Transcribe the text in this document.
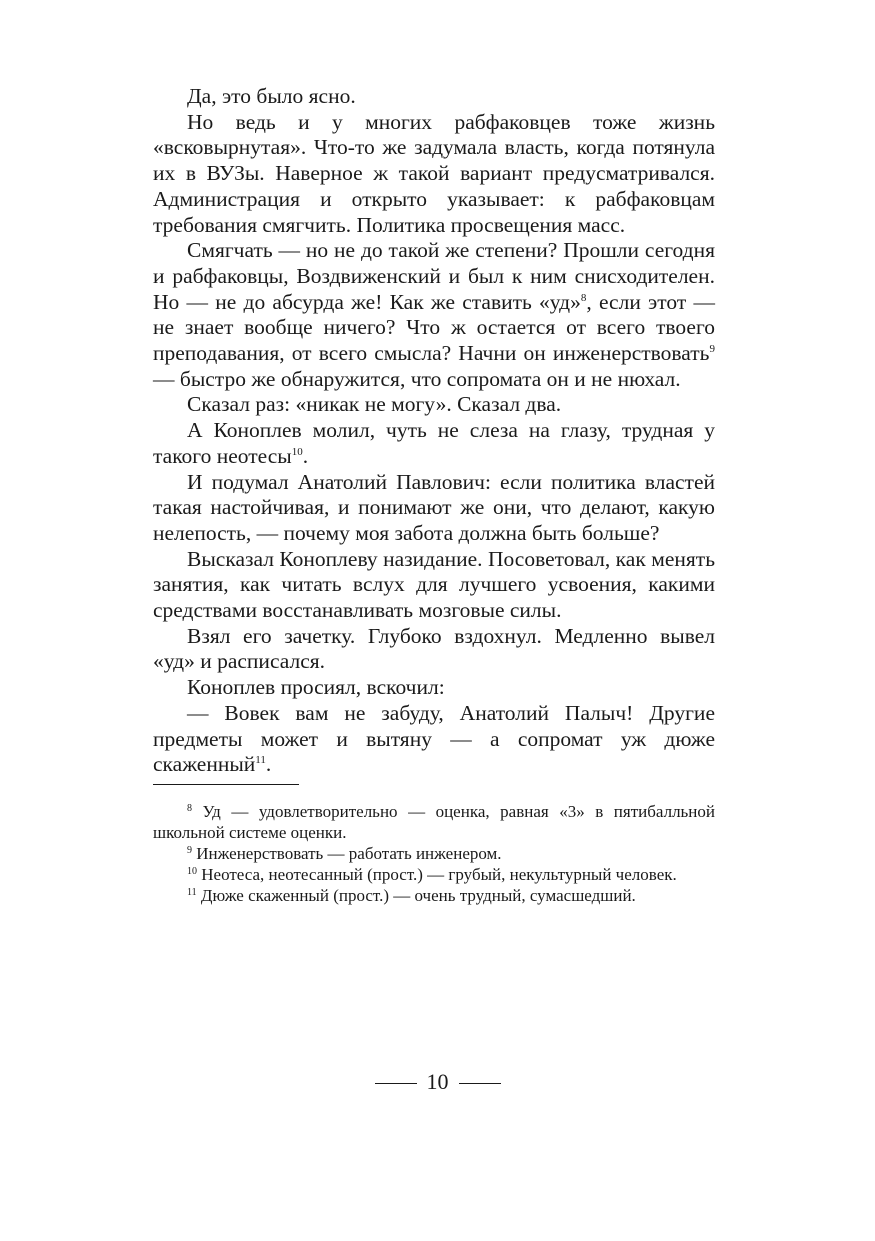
Да, это было ясно.

Но ведь и у многих рабфаковцев тоже жизнь «всковырнутая». Что-то же задумала власть, когда потянула их в ВУЗы. Наверное ж такой вариант предусматривался. Администрация и открыто указывает: к рабфаковцам требования смягчить. Политика просвещения масс.

Смягчать — но не до такой же степени? Прошли сегодня и рабфаковцы, Воздвиженский и был к ним снисходителен. Но — не до абсурда же! Как же ставить «уд»$^8$, если этот — не знает вообще ничего? Что ж остается от всего твоего преподавания, от всего смысла? Начни он инженерствовать$^9$— быстро же обнаружится, что сопромата он и не нюхал.

Сказал раз: «никак не могу». Сказал два.

А Коноплев молил, чуть не слеза на глазу, трудная у такого неотесы$^{10}$.

И подумал Анатолий Павлович: если политика властей такая настойчивая, и понимают же они, что делают, какую нелепость, — почему моя забота должна быть больше?

Высказал Коноплеву назидание. Посоветовал, как менять занятия, как читать вслух для лучшего усвоения, какими средствами восстанавливать мозговые силы.

Взял его зачетку. Глубоко вздохнул. Медленно вывел «уд» и расписался.

Коноплев просиял, вскочил:

— Вовек вам не забуду, Анатолий Палыч! Другие предметы может и вытяну — а сопромат уж дюже скаженный$^{11}$.

$^8$ Уд — удовлетворительно — оценка, равная «3» в пятибалльной школьной системе оценки.

$^9$ Инженерствовать — работать инженером.

$^{10}$ Неотеса, неотесанный (прост.) — грубый, некультурный человек.

$^{11}$ Дюже скаженный (прост.) — очень трудный, сумасшедший.

10
